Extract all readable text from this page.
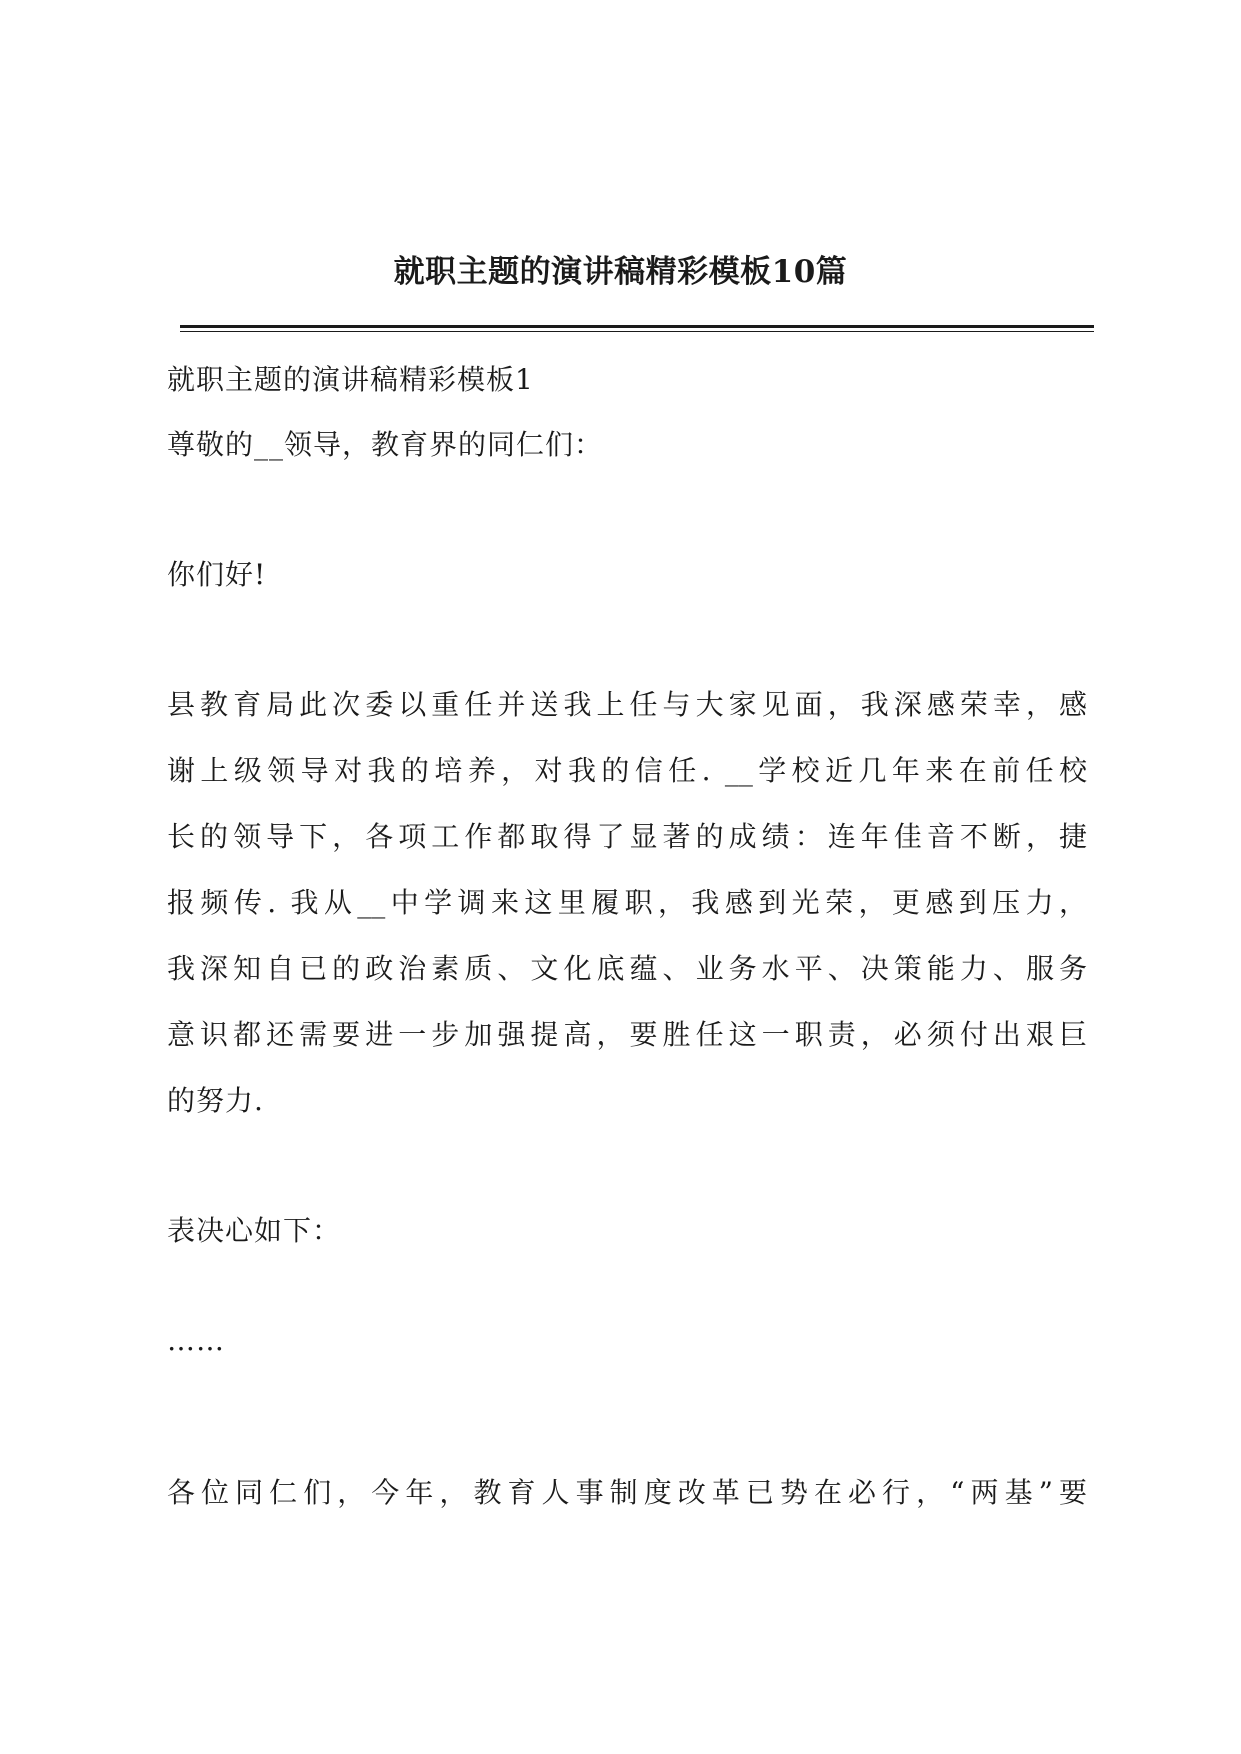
就职主题的演讲稿精彩模板10篇

就职主题的演讲稿精彩模板1

尊敬的__领导，教育界的同仁们：

你们好!

县教育局此次委以重任并送我上任与大家见面，我深感荣幸，感

谢上级领导对我的培养，对我的信任. __学校近几年来在前任校

长的领导下，各项工作都取得了显著的成绩：连年佳音不断，捷

报频传. 我从__中学调来这里履职，我感到光荣，更感到压力，

我深知自已的政治素质、文化底蕴、业务水平、决策能力、服务

意识都还需要进一步加强提高，要胜任这一职责，必须付出艰巨

的努力.

表决心如下：

……

各位同仁们，今年，教育人事制度改革已势在必行，“两基”要
